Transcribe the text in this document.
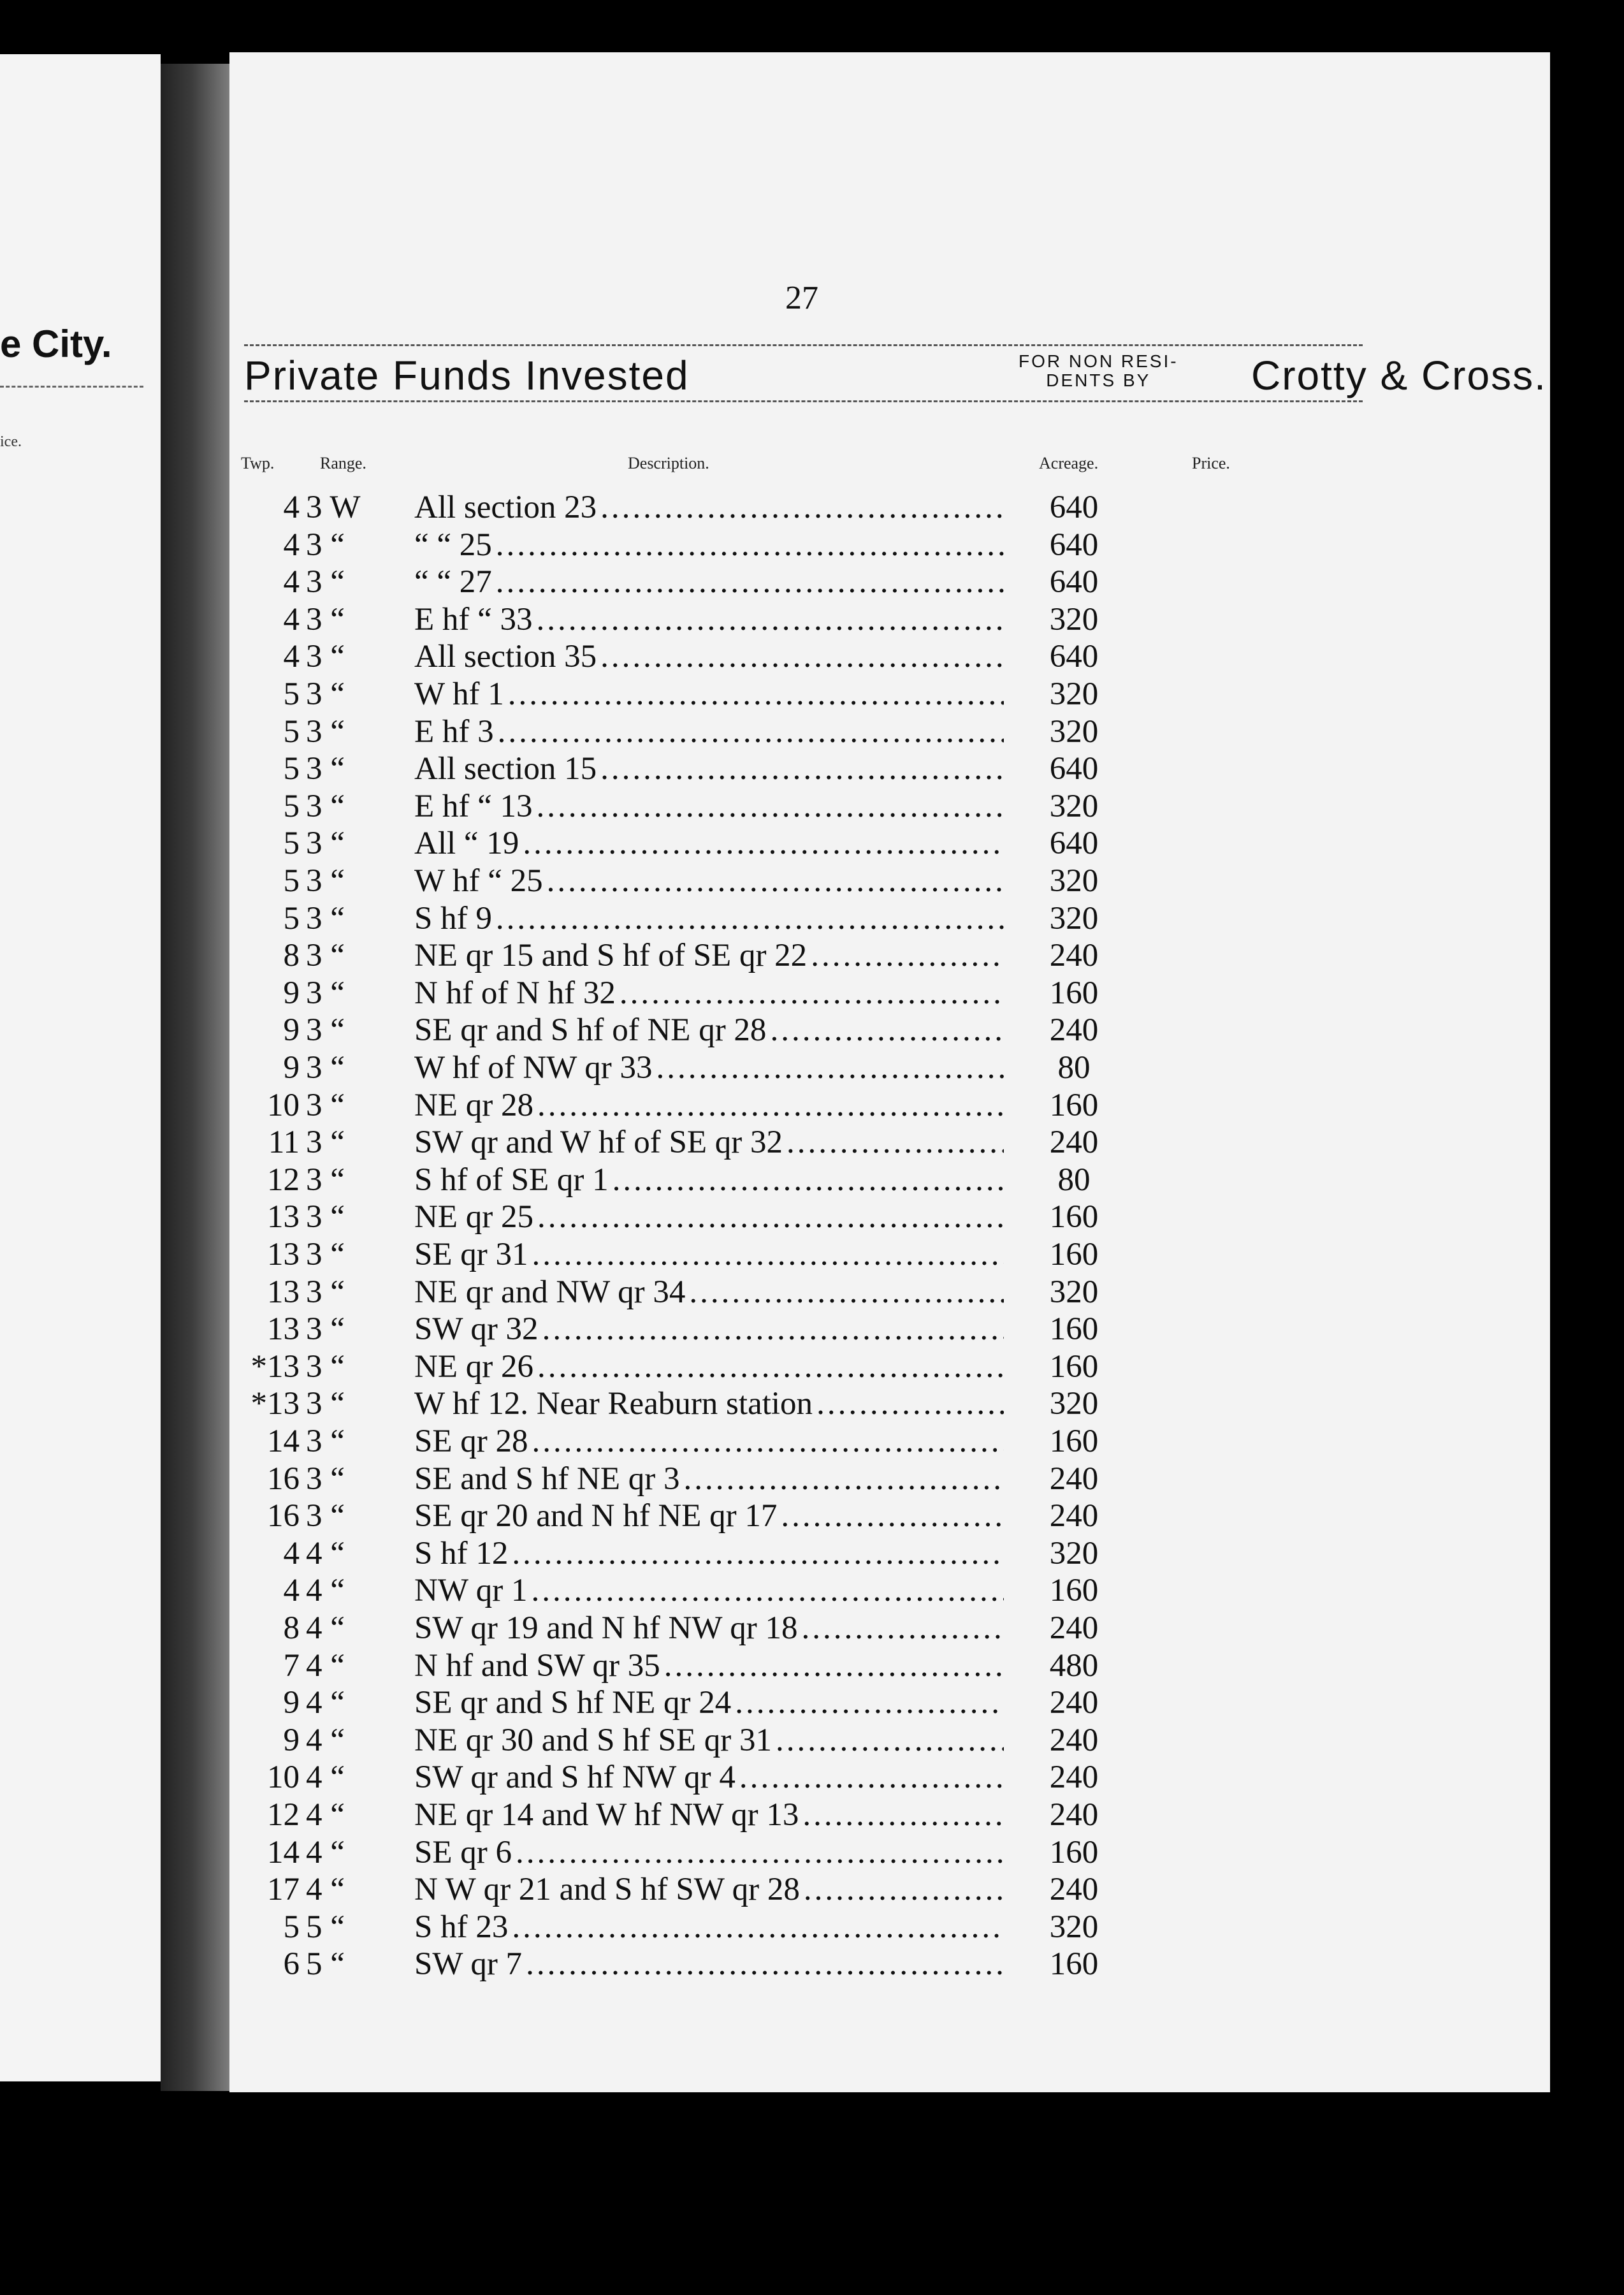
e City.
ice.
27
Private Funds Invested	FOR NON RESI-
DENTS BY	Crotty & Cross.
Twp.	Range.	Description.	Acreage.	Price.
4 3 W	All section 23 .....	640
4 3 “	“ “ 25 .....	640
4 3 “	“ “ 27 .....	640
4 3 “	E hf “ 33 .....	320
4 3 “	All section 35 .....	640
5 3 “	W hf 1 .....	320
5 3 “	E hf 3 .....	320
5 3 “	All section 15 .....	640
5 3 “	E hf “ 13 .....	320
5 3 “	All “ 19 .....	640
5 3 “	W hf “ 25 .....	320
5 3 “	S hf 9 .....	320
8 3 “	NE qr 15 and S hf of SE qr 22 .....	240
9 3 “	N hf of N hf 32 .....	160
9 3 “	SE qr and S hf of NE qr 28 .....	240
9 3 “	W hf of NW qr 33 .....	80
10 3 “	NE qr 28 .....	160
11 3 “	SW qr and W hf of SE qr 32 .....	240
12 3 “	S hf of SE qr 1 .....	80
13 3 “	NE qr 25 .....	160
13 3 “	SE qr 31 .....	160
13 3 “	NE qr and NW qr 34 .....	320
13 3 “	SW qr 32 .....	160
*13 3 “	NE qr 26 .....	160
*13 3 “	W hf 12. Near Reaburn station .....	320
14 3 “	SE qr 28 .....	160
16 3 “	SE and S hf NE qr 3 .....	240
16 3 “	SE qr 20 and N hf NE qr 17 .....	240
4 4 “	S hf 12 .....	320
4 4 “	NW qr 1 .....	160
8 4 “	SW qr 19 and N hf NW qr 18 .....	240
7 4 “	N hf and SW qr 35 .....	480
9 4 “	SE qr and S hf NE qr 24 .....	240
9 4 “	NE qr 30 and S hf SE qr 31 .....	240
10 4 “	SW qr and S hf NW qr 4 .....	240
12 4 “	NE qr 14 and W hf NW qr 13 .....	240
14 4 “	SE qr 6 .....	160
17 4 “	N W qr 21 and S hf SW qr 28 .....	240
5 5 “	S hf 23 .....	320
6 5 “	SW qr 7 .....	160
